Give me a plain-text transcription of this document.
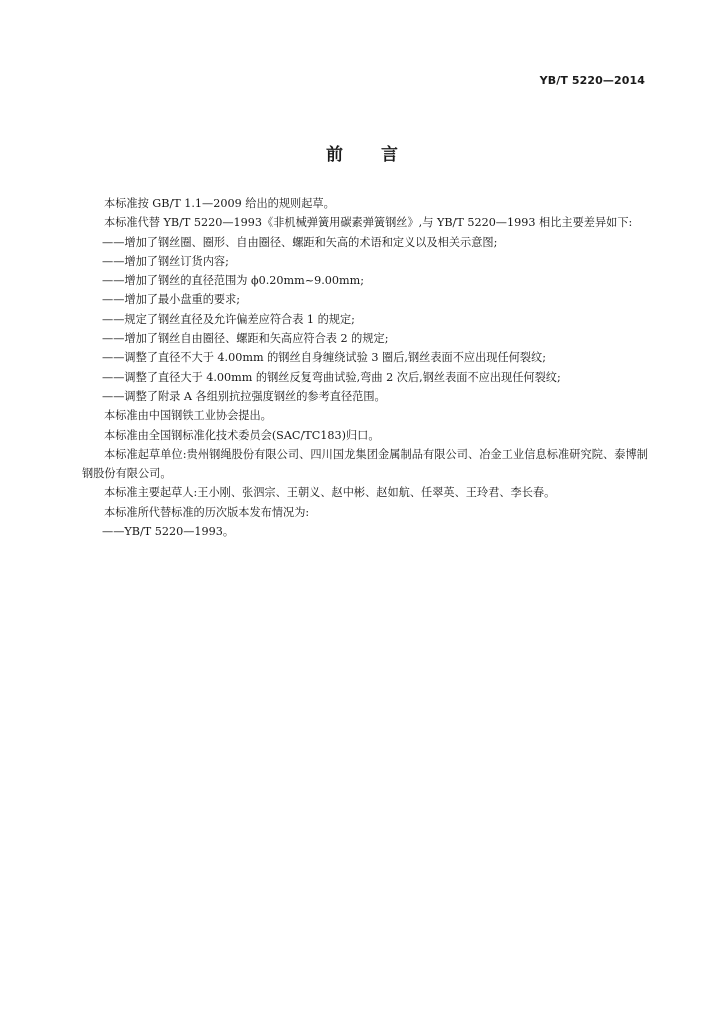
YB/T 5220—2014
前 言

本标准按 GB/T 1.1—2009 给出的规则起草。

本标准代替 YB/T 5220—1993《非机械弹簧用碳素弹簧钢丝》,与 YB/T 5220—1993 相比主要差异如下:

——增加了钢丝圈、圈形、自由圈径、螺距和矢高的术语和定义以及相关示意图;

——增加了钢丝订货内容;

——增加了钢丝的直径范围为 ϕ0.20mm~9.00mm;

——增加了最小盘重的要求;

——规定了钢丝直径及允许偏差应符合表 1 的规定;

——增加了钢丝自由圈径、螺距和矢高应符合表 2 的规定;

——调整了直径不大于 4.00mm 的钢丝自身缠绕试验 3 圈后,钢丝表面不应出现任何裂纹;

——调整了直径大于 4.00mm 的钢丝反复弯曲试验,弯曲 2 次后,钢丝表面不应出现任何裂纹;

——调整了附录 A 各组别抗拉强度钢丝的参考直径范围。

本标准由中国钢铁工业协会提出。

本标准由全国钢标准化技术委员会(SAC/TC183)归口。

本标准起草单位:贵州钢绳股份有限公司、四川国龙集团金属制品有限公司、冶金工业信息标准研究院、泰博制钢股份有限公司。

本标准主要起草人:王小刚、张泗宗、王朝义、赵中彬、赵如航、任翠英、王玲君、李长春。

本标准所代替标准的历次版本发布情况为:

——YB/T 5220—1993。
